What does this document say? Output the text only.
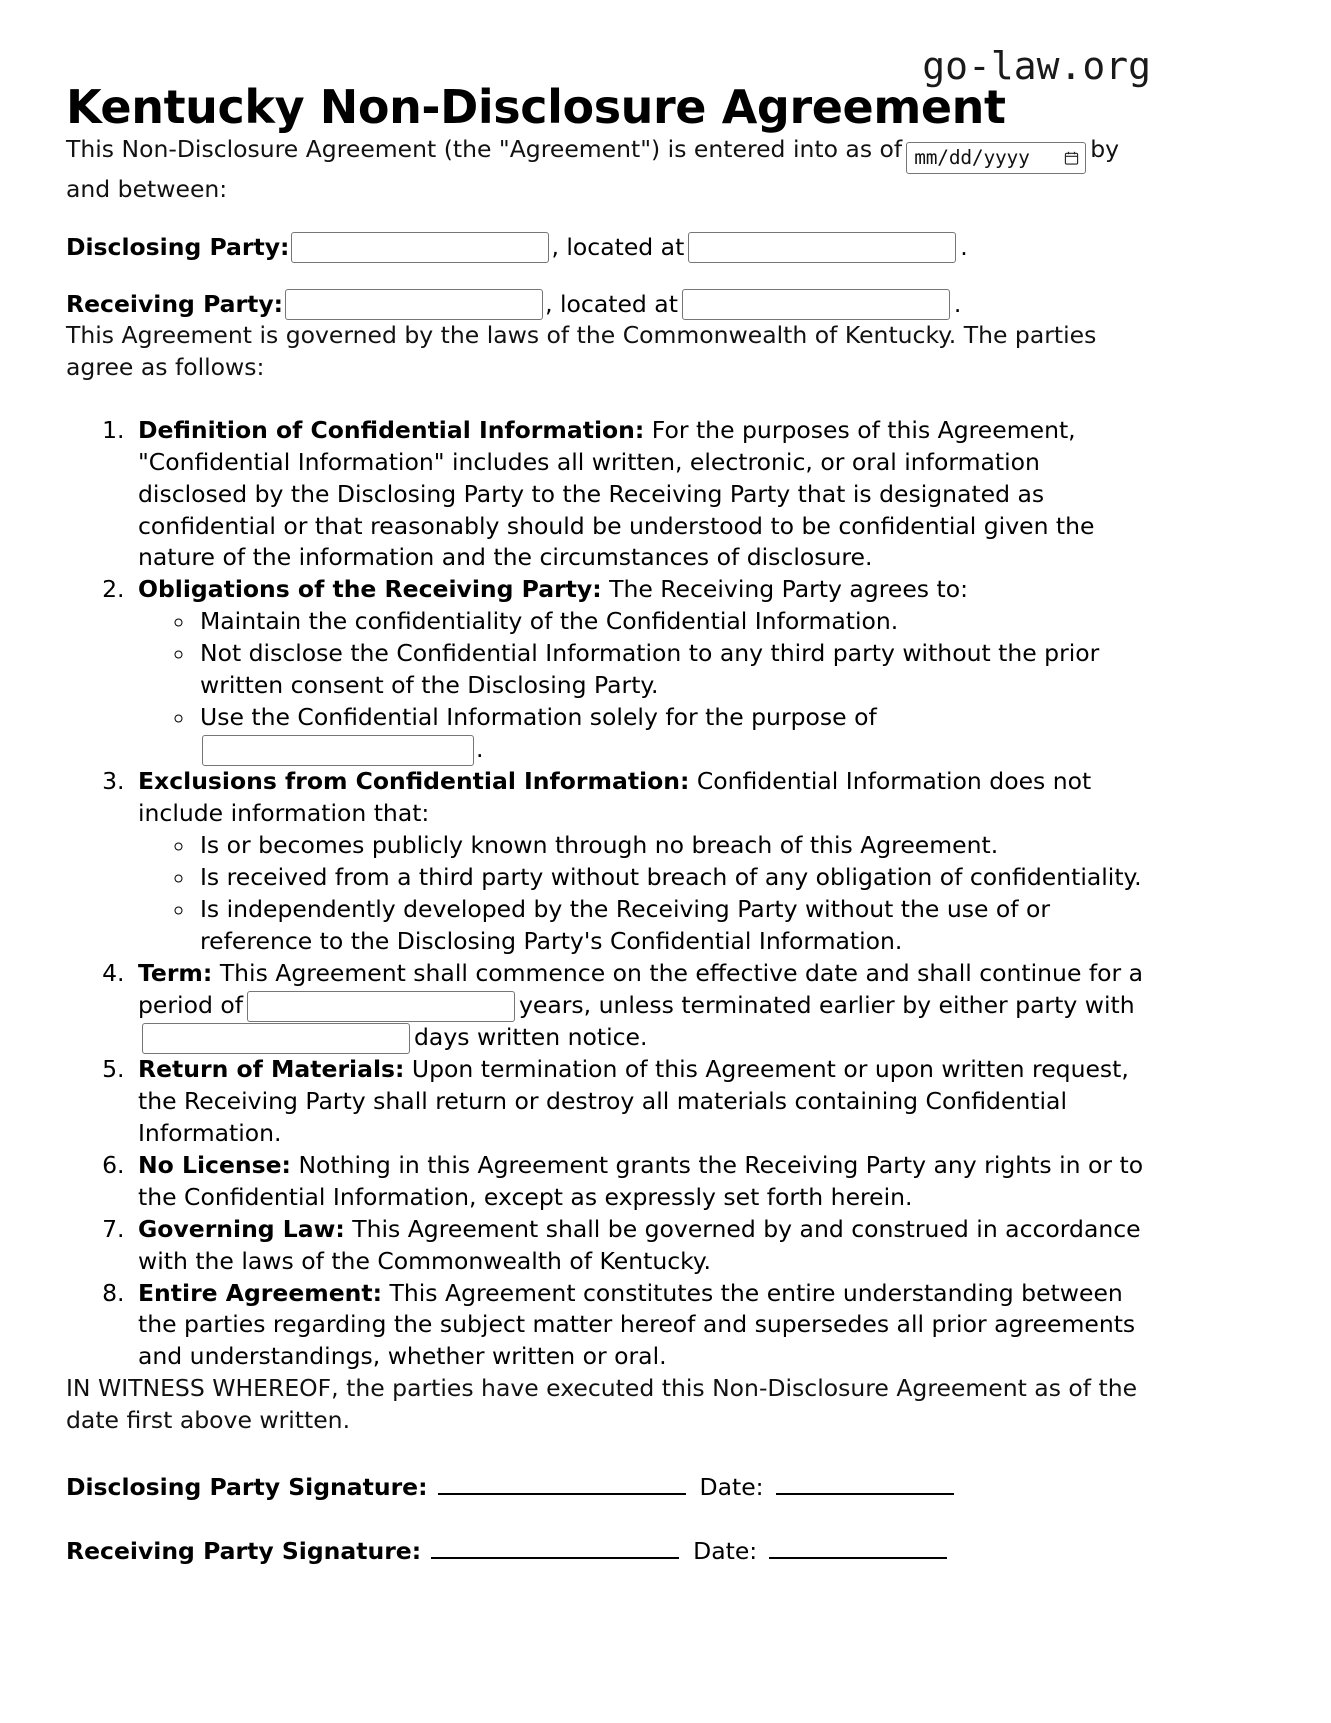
go-law.org
Kentucky Non-Disclosure Agreement

This Non-Disclosure Agreement (the "Agreement") is entered into as of mm/dd/yyyy	by and between:

Disclosing Party:	, located at	.
Receiving Party:	, located at	.

This Agreement is governed by the laws of the Commonwealth of Kentucky. The parties agree as follows:

1. Definition of Confidential Information: For the purposes of this Agreement, "Confidential Information" includes all written, electronic, or oral information disclosed by the Disclosing Party to the Receiving Party that is designated as confidential or that reasonably should be understood to be confidential given the nature of the information and the circumstances of disclosure.
2. Obligations of the Receiving Party: The Receiving Party agrees to:
◦ Maintain the confidentiality of the Confidential Information.
◦ Not disclose the Confidential Information to any third party without the prior written consent of the Disclosing Party.
◦ Use the Confidential Information solely for the purpose of.
3. Exclusions from Confidential Information: Confidential Information does not include information that:
◦ Is or becomes publicly known through no breach of this Agreement.
◦ Is received from a third party without breach of any obligation of confidentiality.
◦ Is independently developed by the Receiving Party without the use of or reference to the Disclosing Party's Confidential Information.
4. Term: This Agreement shall commence on the effective date and shall continue for a period of	years, unless terminated earlier by either party withdays written notice.
5. Return of Materials: Upon termination of this Agreement or upon written request, the Receiving Party shall return or destroy all materials containing Confidential Information.
6. No License: Nothing in this Agreement grants the Receiving Party any rights in or to the Confidential Information, except as expressly set forth herein.
7. Governing Law: This Agreement shall be governed by and construed in accordance with the laws of the Commonwealth of Kentucky.
8. Entire Agreement: This Agreement constitutes the entire understanding between the parties regarding the subject matter hereof and supersedes all prior agreements and understandings, whether written or oral.

IN WITNESS WHEREOF, the parties have executed this Non-Disclosure Agreement as of the date first above written.

Disclosing Party Signature:	Date:
Receiving Party Signature:	Date:
